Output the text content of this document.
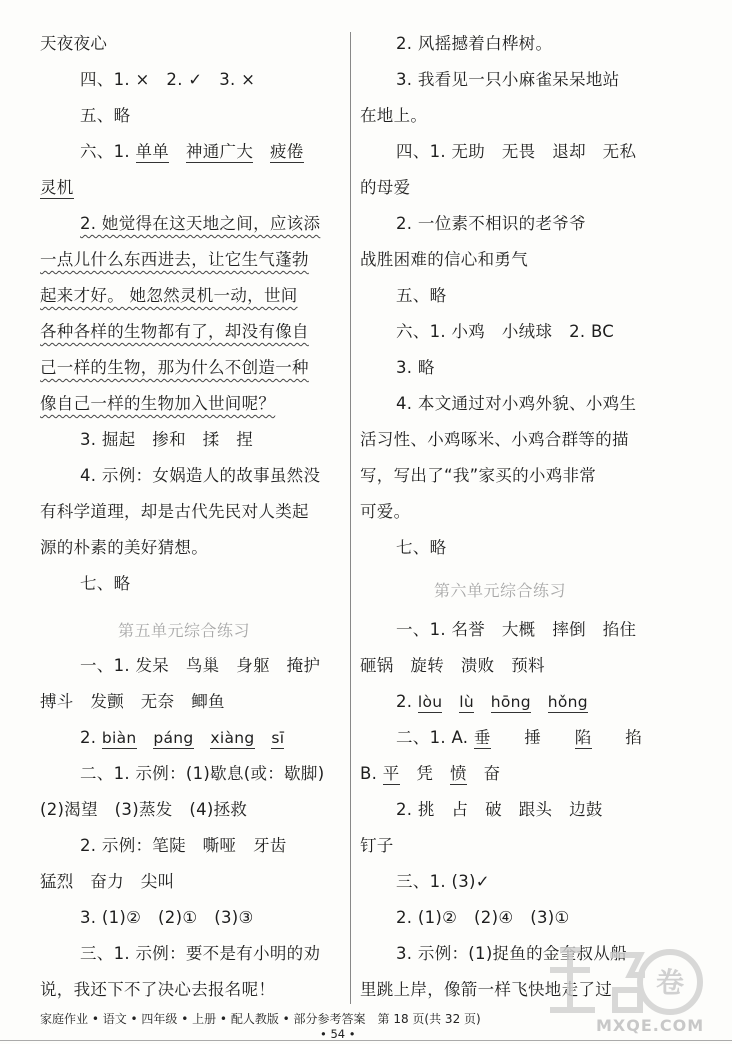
天夜夜心
四、1. ×　2. ✓　3. ×
五、略
六、1. 单单　 神通广大　 疲倦
灵机
2. 她觉得在这天地之间，应该添
一点儿什么东西进去，让它生气蓬勃
起来才好。 她忽然灵机一动，世间
各种各样的生物都有了，却没有像自
己一样的生物，那为什么不创造一种
像自己一样的生物加入世间呢？
3. 掘起　掺和　揉　捏
4. 示例：女娲造人的故事虽然没
有科学道理，却是古代先民对人类起
源的朴素的美好猜想。
七、略
第五单元综合练习
一、1. 发呆　鸟巢　身躯　掩护
搏斗　发颤　无奈　鲫鱼
2. biàn　 páng　 xiàng　 sī
二、1. 示例：(1)歇息(或：歇脚)
(2)渴望　(3)蒸发　(4)拯救
2. 示例：笔陡　嘶哑　牙齿
猛烈　奋力　尖叫
3. (1)②　(2)①　(3)③
三、1. 示例：要不是有小明的劝
说，我还下不了决心去报名呢！
2. 风摇撼着白桦树。
3. 我看见一只小麻雀呆呆地站
在地上。
四、1. 无助　无畏　退却　无私
的母爱
2. 一位素不相识的老爷爷
战胜困难的信心和勇气
五、略
六、1. 小鸡　小绒球　2. BC
3. 略
4. 本文通过对小鸡外貌、小鸡生
活习性、小鸡啄米、小鸡合群等的描
写，写出了“我”家买的小鸡非常
可爱。
七、略
第六单元综合练习
一、1. 名誉　大概　摔倒　掐住
砸锅　旋转　溃败　预料
2. lòu　 lù　 hōng　 hǒng
二、1. A. 垂　　 捶　　 陷　　 掐
B. 平　 凭　 愤　 奋
2. 挑　占　破　跟头　边鼓
钉子
三、1. (3)✓
2. (1)②　(2)④　(3)①
3. 示例：(1)捉鱼的金奎叔从船
里跳上岸，像箭一样飞快地走了过 卷
MXQE.COM
家庭作业 • 语文 • 四年级 • 上册 • 配人教版 • 部分参考答案　第 18 页(共 32 页)
• 54 •
